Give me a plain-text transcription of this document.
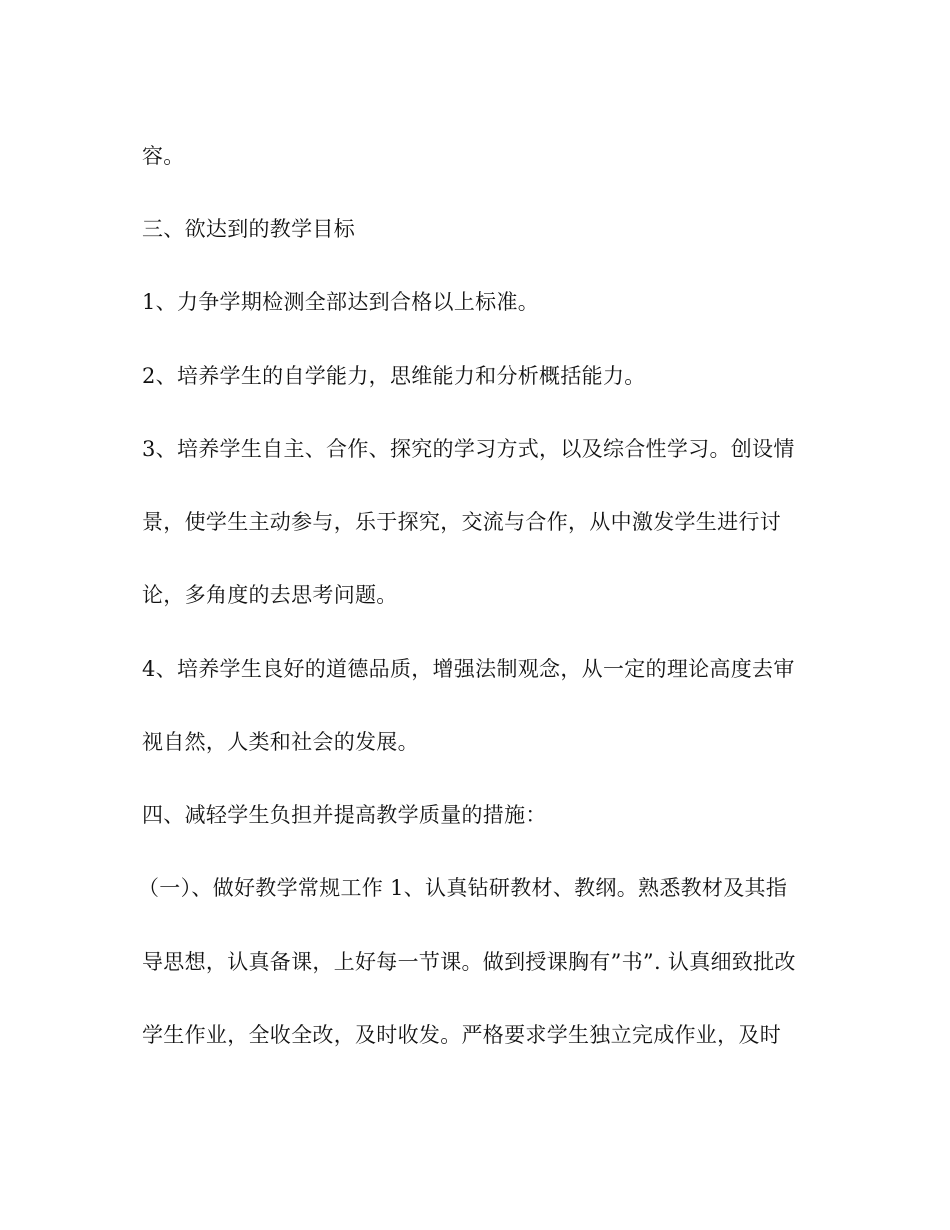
容。

三、欲达到的教学目标

1、力争学期检测全部达到合格以上标准。

2、培养学生的自学能力，思维能力和分析概括能力。

3、培养学生自主、合作、探究的学习方式，以及综合性学习。创设情

景，使学生主动参与，乐于探究，交流与合作，从中激发学生进行讨

论，多角度的去思考问题。

4、培养学生良好的道德品质，增强法制观念，从一定的理论高度去审

视自然，人类和社会的发展。

四、减轻学生负担并提高教学质量的措施：

（一）、做好教学常规工作 1、认真钻研教材、教纲。熟悉教材及其指

导思想，认真备课，上好每一节课。做到授课胸有”书”. 认真细致批改

学生作业，全收全改，及时收发。严格要求学生独立完成作业，及时
